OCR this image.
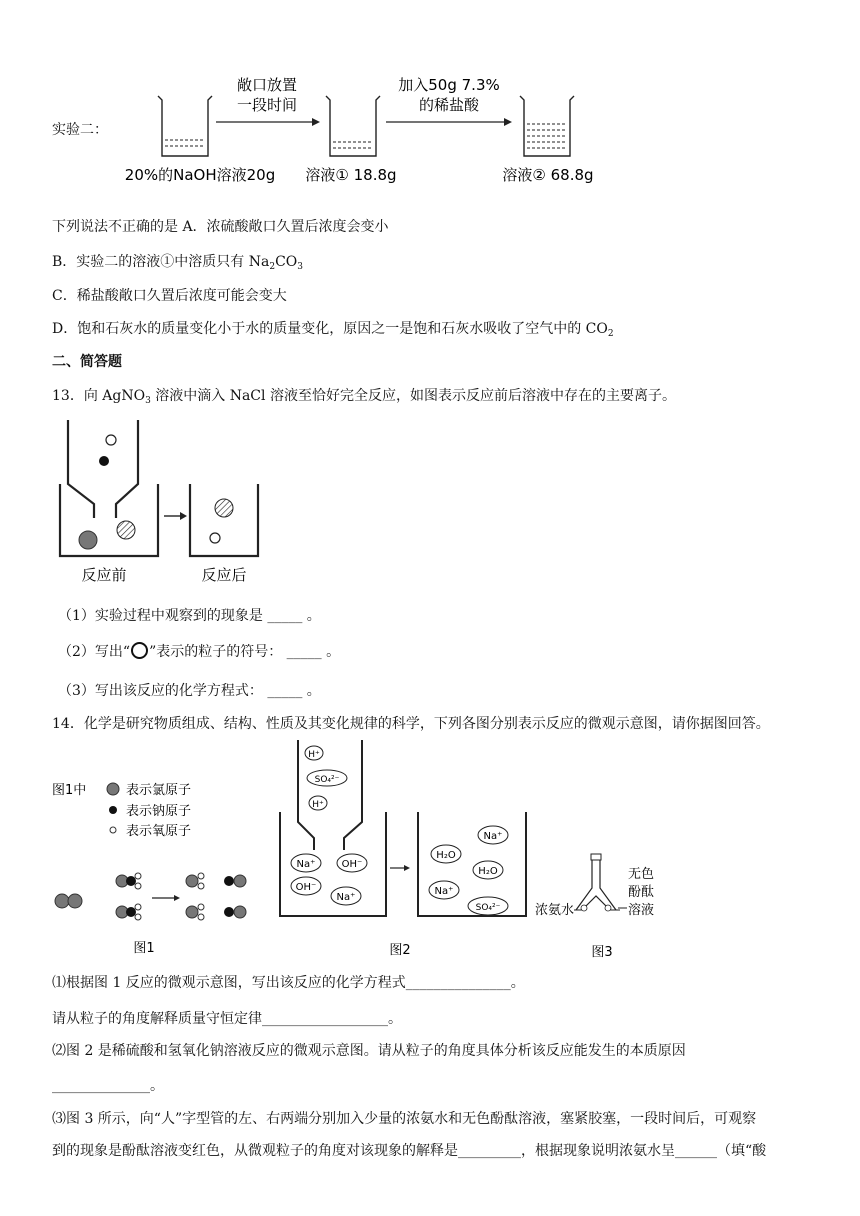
实验二：
敞口放置
一段时间
加入50g 7.3%
的稀盐酸
20%的NaOH溶液20g 溶液① 18.8g	溶液② 68.8g
下列说法不正确的是 A．浓硫酸敞口久置后浓度会变小
B．实验二的溶液①中溶质只有 $Na_2CO_3$
C．稀盐酸敞口久置后浓度可能会变大
D．饱和石灰水的质量变化小于水的质量变化，原因之一是饱和石灰水吸收了空气中的 $CO_2$
二、简答题
13．向 AgNO$_3$ 溶液中滴入 NaCl 溶液至恰好完全反应，如图表示反应前后溶液中存在的主要离子。
反应前	反应后
（1）实验过程中观察到的现象是 _____ 。
（2）写出“ ”表示的粒子的符号： _____ 。
（3）写出该反应的化学方程式： _____ 。
14．化学是研究物质组成、结构、性质及其变化规律的科学，下列各图分别表示反应的微观示意图，请你据图回答。
图1中	表示氯原子
表示钠原子
表示氧原子
图1
H⁺
SO₄²⁻
H⁺
Na⁺	OH⁻
OH⁻
Na⁺
Na⁺
H₂O
H₂O
Na⁺
SO₄²⁻
图2
浓氨水
无色
酚酞
溶液
图3
⑴根据图 1 反应的微观示意图，写出该反应的化学方程式_______________。
请从粒子的角度解释质量守恒定律__________________。
⑵图 2 是稀硫酸和氢氧化钠溶液反应的微观示意图。请从粒子的角度具体分析该反应能发生的本质原因
______________。
⑶图 3 所示，向“人”字型管的左、右两端分别加入少量的浓氨水和无色酚酞溶液，塞紧胶塞，一段时间后，可观察
到的现象是酚酞溶液变红色，从微观粒子的角度对该现象的解释是_________，根据现象说明浓氨水呈______（填“酸
